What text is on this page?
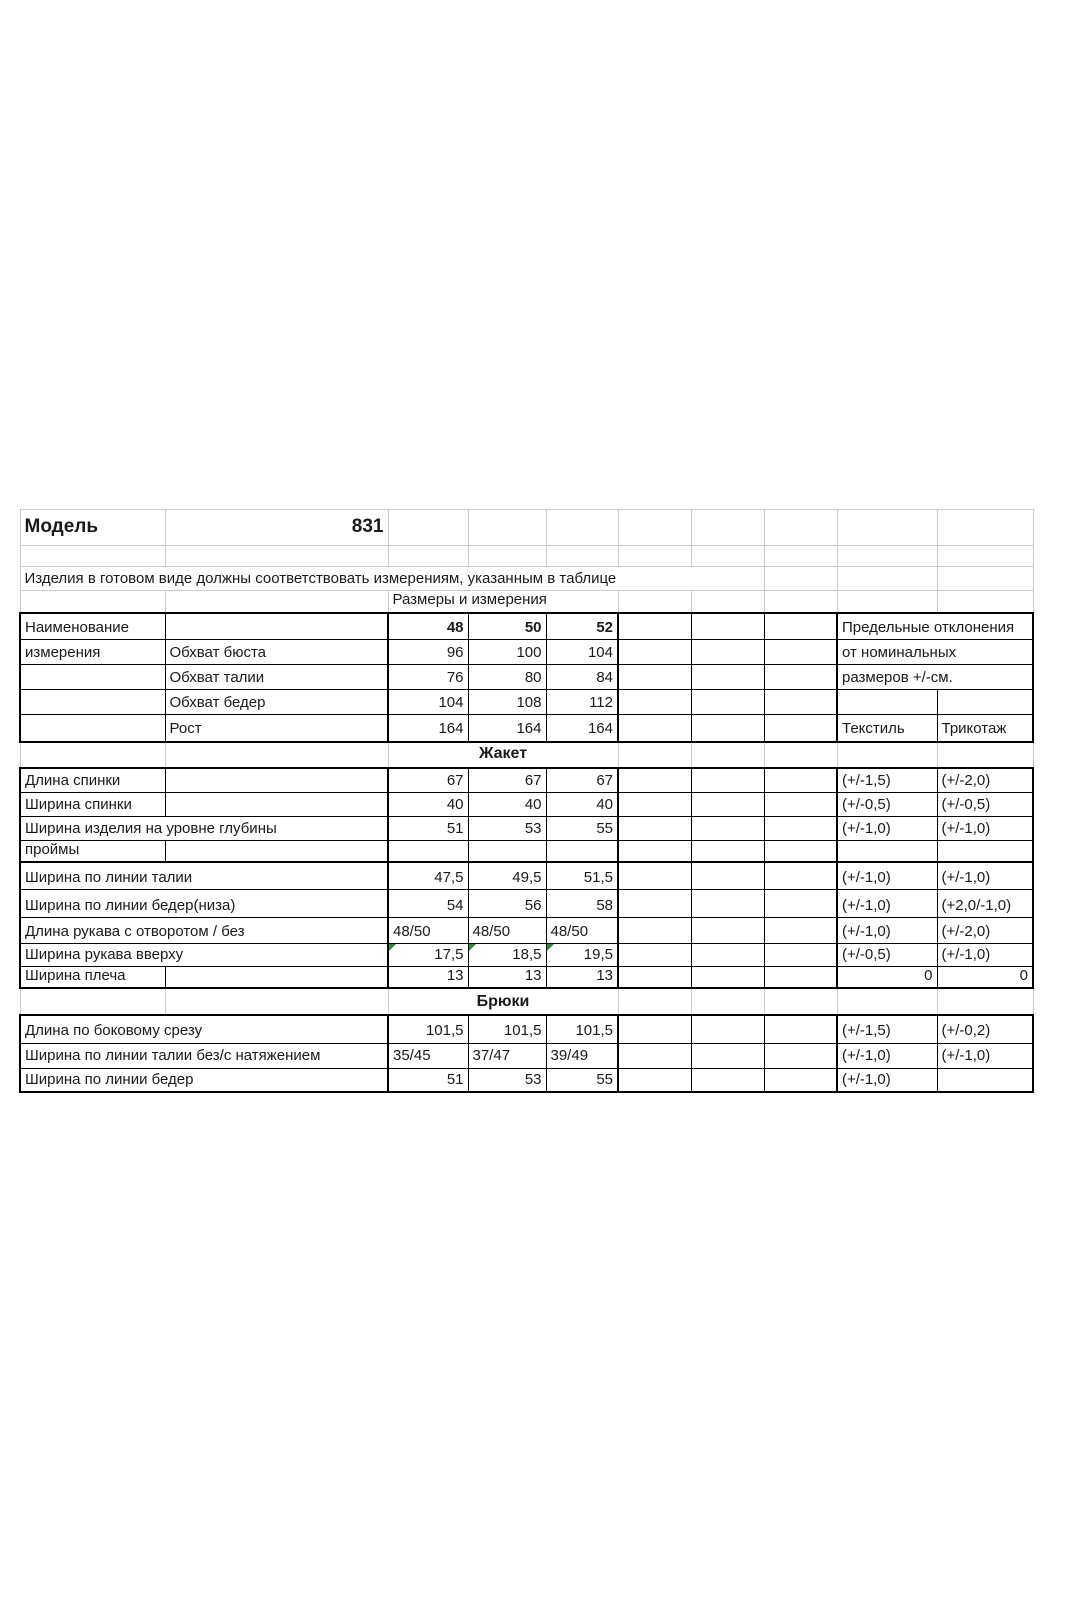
Модель	831								

Изделия в готовом виде должны соответствовать измерениям, указанным в таблице									
		Размеры и измерения							
Наименование		48	50	52				Предельные отклонения	
измерения	Обхват бюста	96	100	104				от номинальных	
	Обхват талии	76	80	84				размеров +/-см.	
	Обхват бедер	104	108	112					
	Рост	164	164	164				Текстиль	Трикотаж
		Жакет							
Длина спинки		67	67	67				(+/-1,5)	(+/-2,0)
Ширина спинки		40	40	40				(+/-0,5)	(+/-0,5)
Ширина изделия на уровне глубины		51	53	55				(+/-1,0)	(+/-1,0)
проймы									
Ширина по линии талии		47,5	49,5	51,5				(+/-1,0)	(+/-1,0)
Ширина по линии бедер(низа)		54	56	58				(+/-1,0)	(+2,0/-1,0)
Длина рукава с отворотом / без		48/50	48/50	48/50				(+/-1,0)	(+/-2,0)
Ширина рукава вверху		17,5	18,5	19,5				(+/-0,5)	(+/-1,0)
Ширина плеча		13	13	13				0	0
		Брюки							
Длина по боковому срезу		101,5	101,5	101,5				(+/-1,5)	(+/-0,2)
Ширина по линии талии без/с натяжением		35/45	37/47	39/49				(+/-1,0)	(+/-1,0)
Ширина по линии бедер		51	53	55				(+/-1,0)	
